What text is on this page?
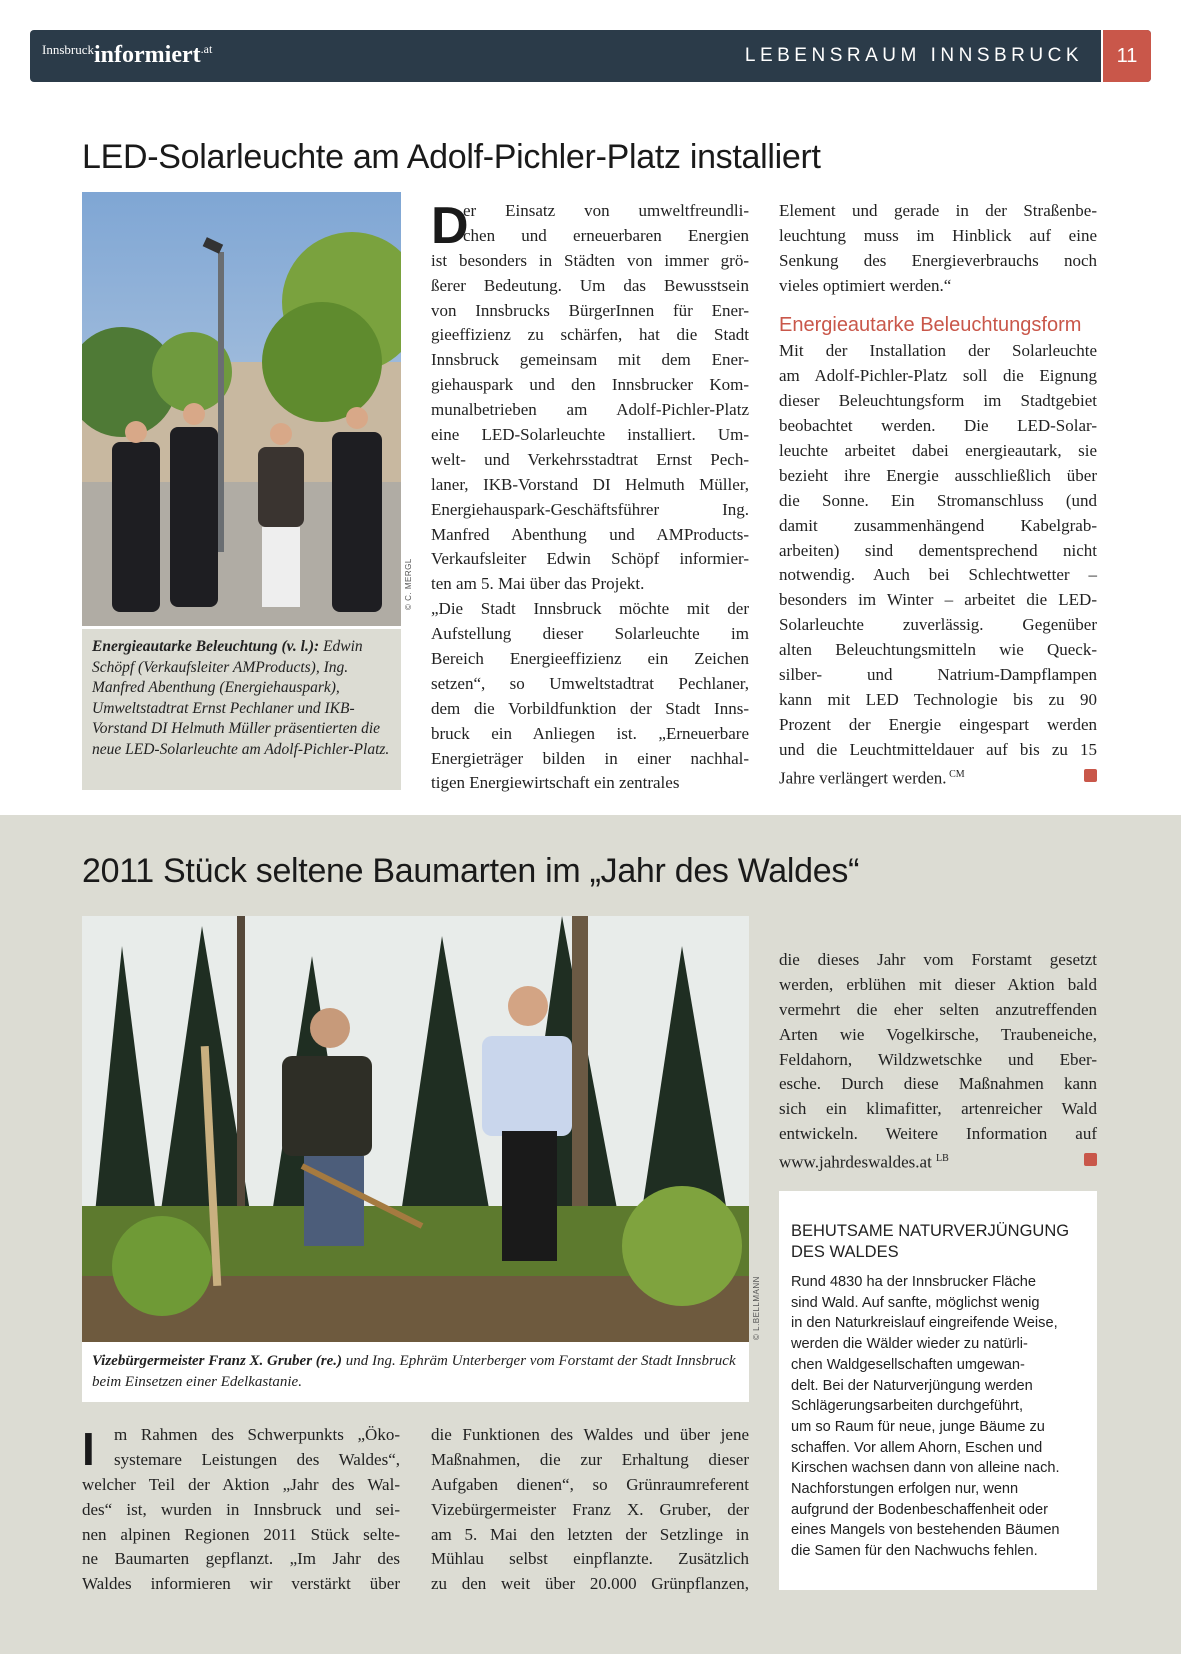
$^{Innsbruck}$informiert$^{.at}$	LEBENSRAUM INNSBRUCK	11
LED-Solarleuchte am Adolf-Pichler-Platz installiert
© C. MERGL
Energieautarke Beleuchtung (v. l.): Edwin Schöpf (Verkaufsleiter AMProducts), Ing. Manfred Abenthung (Energiehauspark), Umweltstadtrat Ernst Pechlaner und IKB-Vorstand DI Helmuth Müller präsentierten die neue LED-Solarleuchte am Adolf-Pichler-Platz.
D
er Einsatz von umweltfreundli-
chen und erneuerbaren Energien
ist besonders in Städten von immer grö-
ßerer Bedeutung. Um das Bewusstsein
von Innsbrucks BürgerInnen für Ener-
gieeffizienz zu schärfen, hat die Stadt
Innsbruck gemeinsam mit dem Ener-
giehauspark und den Innsbrucker Kom-
munalbetrieben am Adolf-Pichler-Platz
eine LED-Solarleuchte installiert. Um-
welt- und Verkehrsstadtrat Ernst Pech-
laner, IKB-Vorstand DI Helmuth Müller,
Energiehauspark-Geschäftsführer Ing.
Manfred Abenthung und AMProducts-
Verkaufsleiter Edwin Schöpf informier-
ten am 5. Mai über das Projekt.
„Die Stadt Innsbruck möchte mit der
Aufstellung dieser Solarleuchte im
Bereich Energieeffizienz ein Zeichen
setzen“, so Umweltstadtrat Pechlaner,
dem die Vorbildfunktion der Stadt Inns-
bruck ein Anliegen ist. „Erneuerbare
Energieträger bilden in einer nachhal-
tigen Energiewirtschaft ein zentrales
Element und gerade in der Straßenbe-
leuchtung muss im Hinblick auf eine
Senkung des Energieverbrauchs noch
vieles optimiert werden.“
Energieautarke Beleuchtungsform
Mit der Installation der Solarleuchte
am Adolf-Pichler-Platz soll die Eignung
dieser Beleuchtungsform im Stadtgebiet
beobachtet werden. Die LED-Solar-
leuchte arbeitet dabei energieautark, sie
bezieht ihre Energie ausschließlich über
die Sonne. Ein Stromanschluss (und
damit zusammenhängend Kabelgrab-
arbeiten) sind dementsprechend nicht
notwendig. Auch bei Schlechtwetter –
besonders im Winter – arbeitet die LED-
Solarleuchte zuverlässig. Gegenüber
alten Beleuchtungsmitteln wie Queck-
silber- und Natrium-Dampflampen
kann mit LED Technologie bis zu 90
Prozent der Energie eingespart werden
und die Leuchtmitteldauer auf bis zu 15
Jahre verlängert werden. $^{CM}$
2011 Stück seltene Baumarten im „Jahr des Waldes“
© L.BELLMANN
Vizebürgermeister Franz X. Gruber (re.) und Ing. Ephräm Unterberger vom Forstamt der Stadt Innsbruck beim Einsetzen einer Edelkastanie.
I	m Rahmen des Schwerpunkts „Öko-
systemare Leistungen des Waldes“,
welcher Teil der Aktion „Jahr des Wal-
des“ ist, wurden in Innsbruck und sei-
nen alpinen Regionen 2011 Stück selte-
ne Baumarten gepflanzt. „Im Jahr des
Waldes informieren wir verstärkt über
die Funktionen des Waldes und über jene
Maßnahmen, die zur Erhaltung dieser
Aufgaben dienen“, so Grünraumreferent
Vizebürgermeister Franz X. Gruber, der
am 5. Mai den letzten der Setzlinge in
Mühlau selbst einpflanzte. Zusätzlich
zu den weit über 20.000 Grünpflanzen,
die dieses Jahr vom Forstamt gesetzt
werden, erblühen mit dieser Aktion bald
vermehrt die eher selten anzutreffenden
Arten wie Vogelkirsche, Traubeneiche,
Feldahorn, Wildzwetschke und Eber-
esche. Durch diese Maßnahmen kann
sich ein klimafitter, artenreicher Wald
entwickeln. Weitere Information auf
www.jahrdeswaldes.at $^{LB}$
BEHUTSAME NATURVERJÜNGUNG DES WALDES
Rund 4830 ha der Innsbrucker Fläche
sind Wald. Auf sanfte, möglichst wenig
in den Naturkreislauf eingreifende Weise,
werden die Wälder wieder zu natürli-
chen Waldgesellschaften umgewan-
delt. Bei der Naturverjüngung werden
Schlägerungsarbeiten durchgeführt,
um so Raum für neue, junge Bäume zu
schaffen. Vor allem Ahorn, Eschen und
Kirschen wachsen dann von alleine nach.
Nachforstungen erfolgen nur, wenn
aufgrund der Bodenbeschaffenheit oder
eines Mangels von bestehenden Bäumen
die Samen für den Nachwuchs fehlen.
